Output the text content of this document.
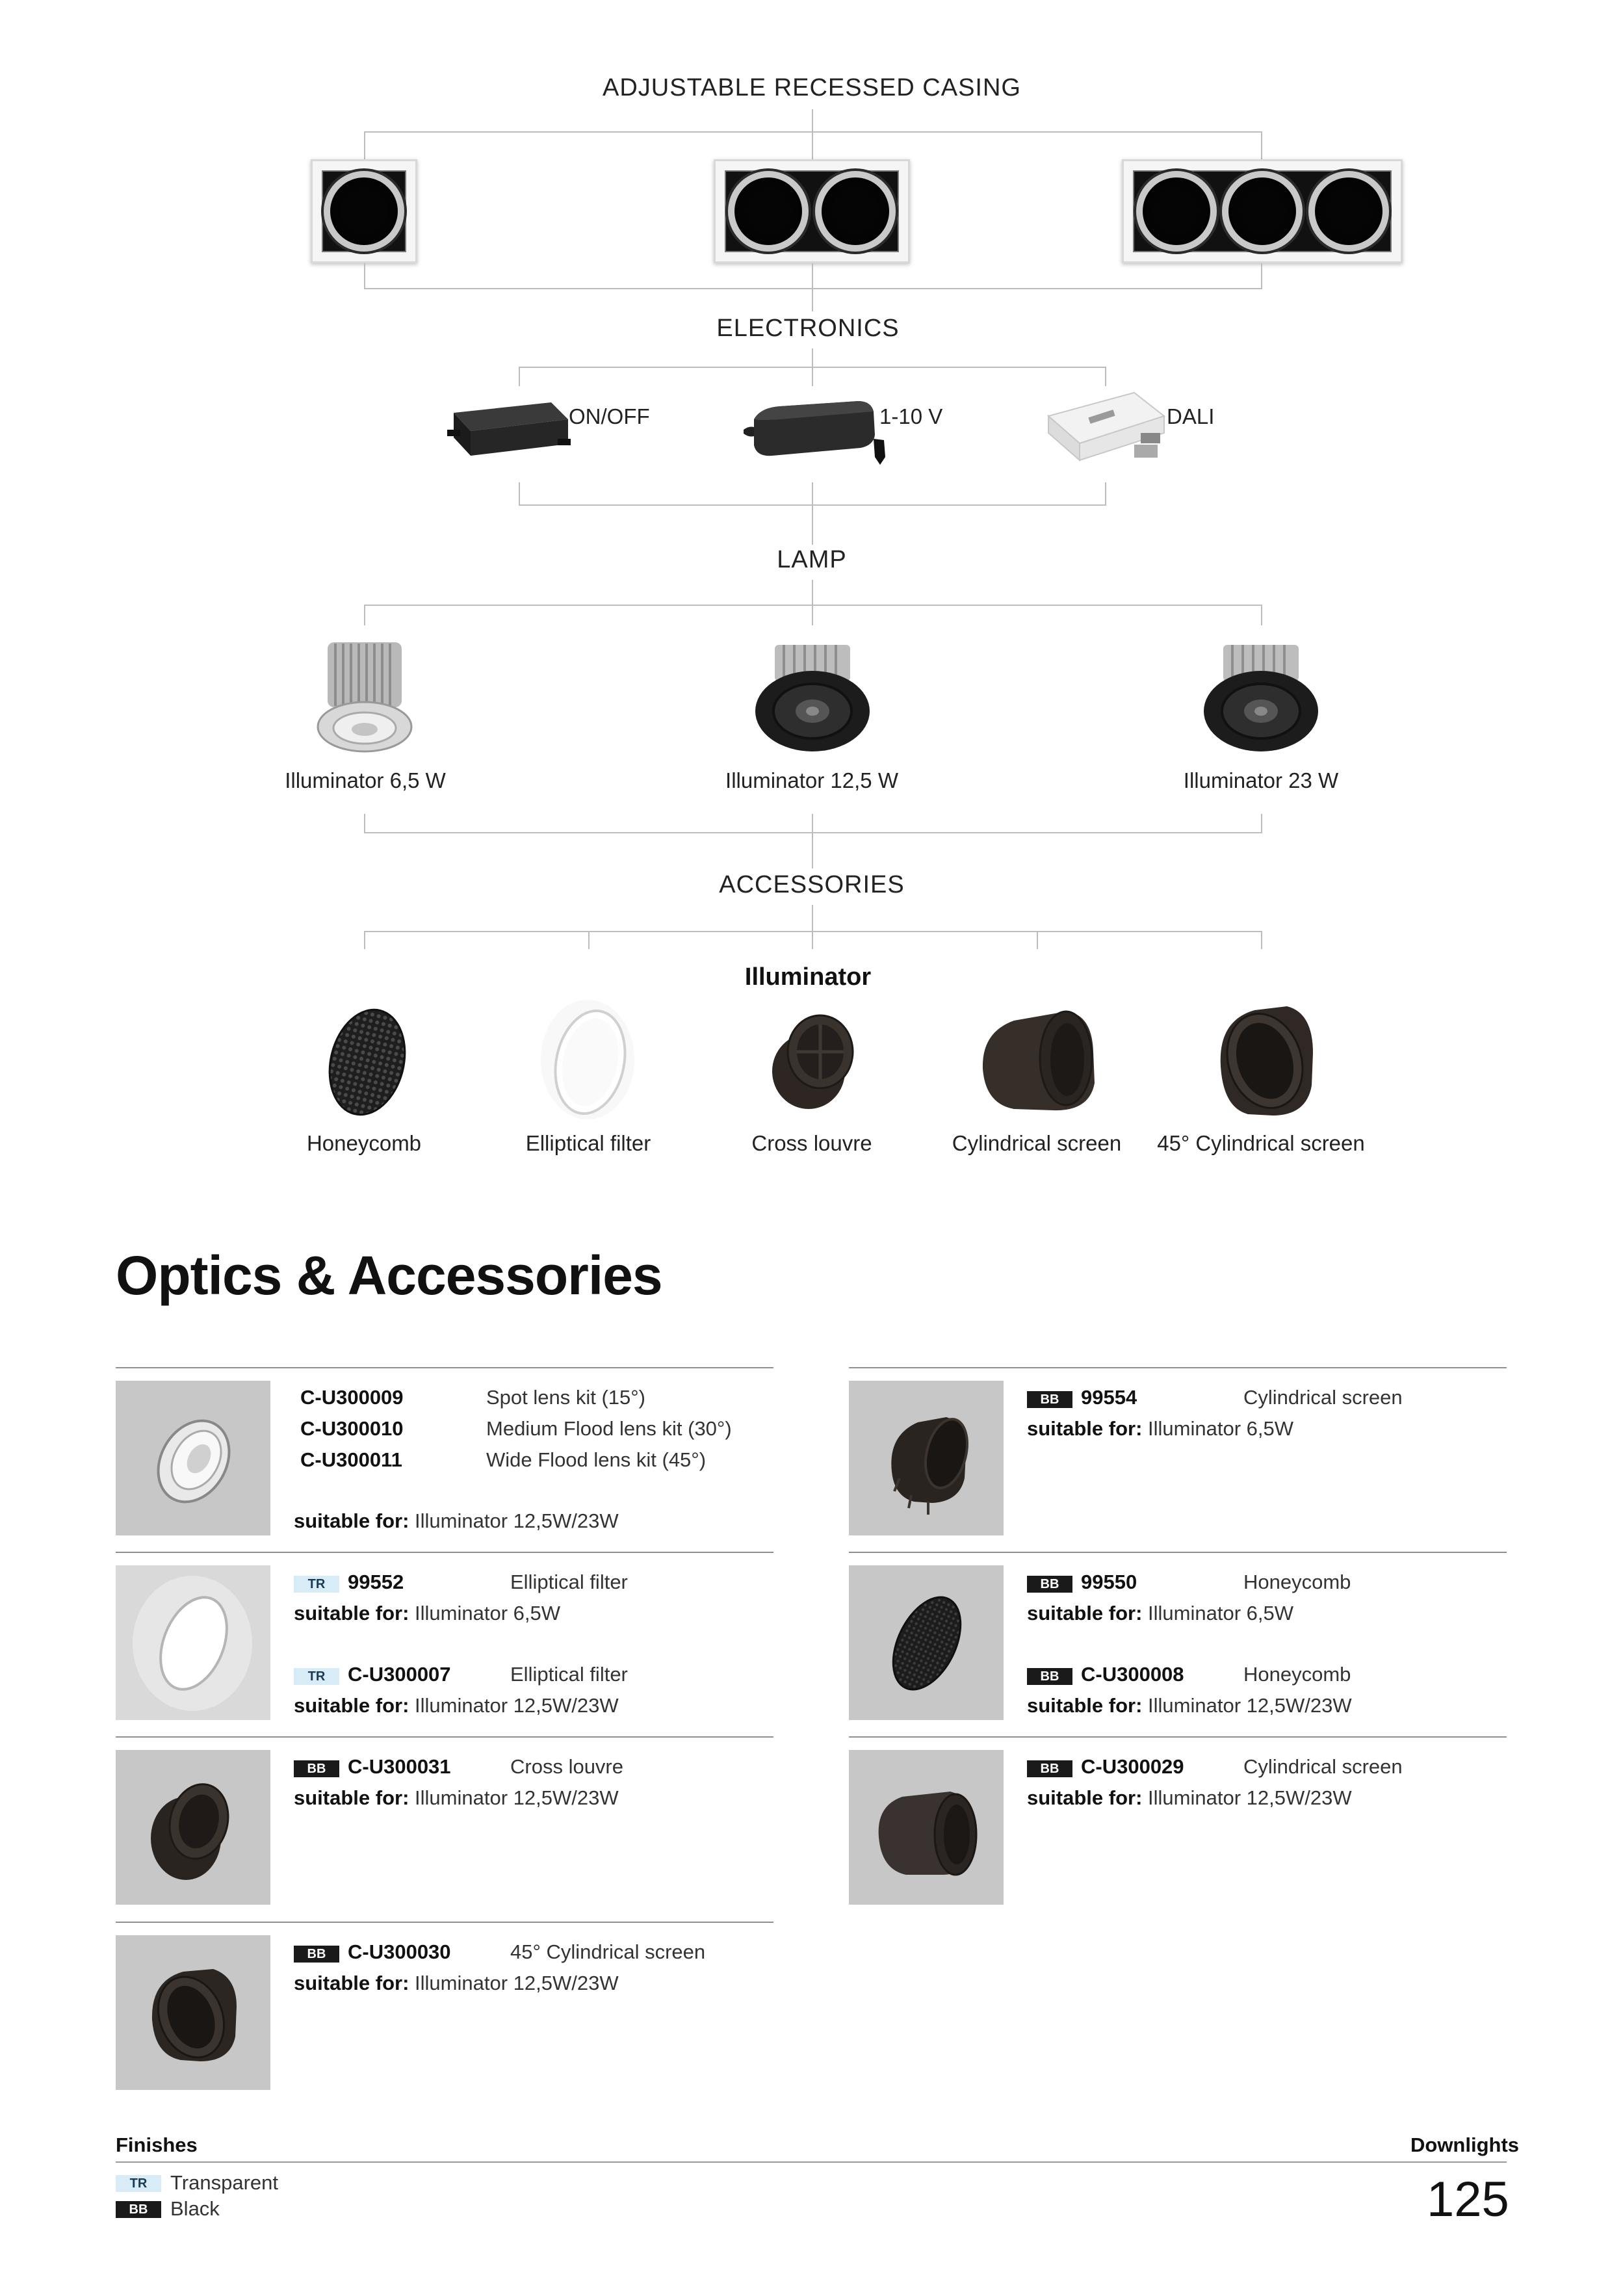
ADJUSTABLE RECESSED CASING
ELECTRONICS
ON/OFF	1-10 V	DALI
LAMP
Illuminator 6,5 W	Illuminator 12,5 W	Illuminator 23 W
ACCESSORIES
Illuminator
Honeycomb	Elliptical filter	Cross louvre	Cylindrical screen 45° Cylindrical screen
Optics & Accessories
C-U300009	Spot lens kit (15°)
C-U300010	Medium Flood lens kit (30°)
C-U300011	Wide Flood lens kit (45°)
suitable for: Illuminator 12,5W/23W
TR	99552	Elliptical filter
suitable for: Illuminator 6,5W
TR	C-U300007	Elliptical filter
suitable for: Illuminator 12,5W/23W
BB	C-U300031	Cross louvre
suitable for: Illuminator 12,5W/23W
BB	C-U300030	45° Cylindrical screen
suitable for: Illuminator 12,5W/23W
BB	99554	Cylindrical screen
suitable for: Illuminator 6,5W
BB	99550	Honeycomb
suitable for: Illuminator 6,5W
BB	C-U300008	Honeycomb
suitable for: Illuminator 12,5W/23W
BB	C-U300029	Cylindrical screen
suitable for: Illuminator 12,5W/23W
Finishes	Downlights
TR	Transparent
BB	Black	125
